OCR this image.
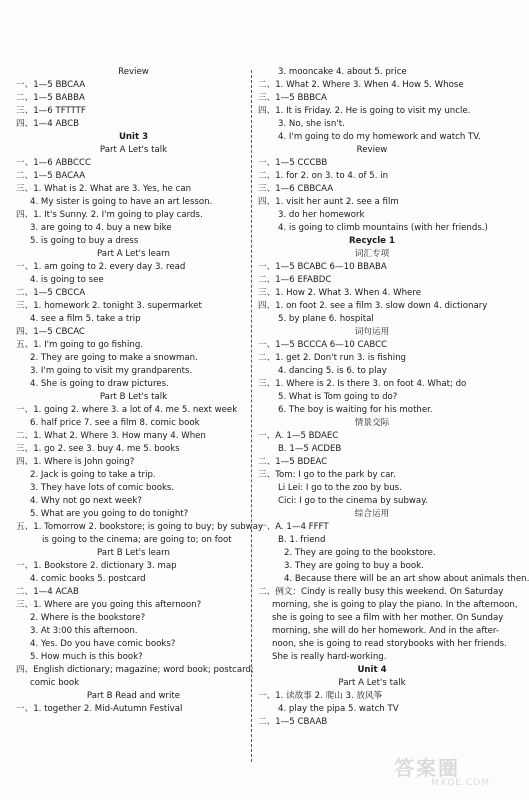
Review
一、1—5 BBCAA
二、1—5 BABBA
三、1—6 TFTTTF
四、1—4 ABCB
Unit 3
Part A Let's talk
一、1—6 ABBCCC
二、1—5 BACAA
三、1. What is 2. What are 3. Yes, he can
4. My sister is going to have an art lesson.
四、1. It's Sunny. 2. I'm going to play cards.
3. are going to 4. buy a new bike
5. is going to buy a dress
Part A Let's learn
一、1. am going to 2. every day 3. read
4. is going to see
二、1—5 CBCCA
三、1. homework 2. tonight 3. supermarket
4. see a film 5. take a trip
四、1—5 CBCAC
五、1. I'm going to go fishing.
2. They are going to make a snowman.
3. I'm going to visit my grandparents.
4. She is going to draw pictures.
Part B Let's talk
一、1. going 2. where 3. a lot of 4. me 5. next week
6. half price 7. see a film 8. comic book
二、1. What 2. Where 3. How many 4. When
三、1. go 2. see 3. buy 4. me 5. books
四、1. Where is John going?
2. Jack is going to take a trip.
3. They have lots of comic books.
4. Why not go next week?
5. What are you going to do tonight?
五、1. Tomorrow 2. bookstore; is going to buy; by subway
is going to the cinema; are going to; on foot
Part B Let's learn
一、1. Bookstore 2. dictionary 3. map
4. comic books 5. postcard
二、1—4 ACAB
三、1. Where are you going this afternoon?
2. Where is the bookstore?
3. At 3:00 this afternoon.
4. Yes. Do you have comic books?
5. How much is this book?
四、English dictionary; magazine; word book; postcard;
comic book
Part B Read and write
一、1. together 2. Mid-Autumn Festival
3. mooncake 4. about 5. price
二、1. What 2. Where 3. When 4. How 5. Whose
三、1—5 BBBCA
四、1. It is Friday. 2. He is going to visit my uncle.
3. No, she isn't.
4. I'm going to do my homework and watch TV.
Review
一、1—5 CCCBB
二、1. for 2. on 3. to 4. of 5. in
三、1—6 CBBCAA
四、1. visit her aunt 2. see a film
3. do her homework
4. is going to climb mountains (with her friends.)
Recycle 1
词汇专项
一、1—5 BCABC 6—10 BBABA
二、1—6 EFABDC
三、1. How 2. What 3. When 4. Where
四、1. on foot 2. see a film 3. slow down 4. dictionary
5. by plane 6. hospital
词句运用
一、1—5 BCCCA 6—10 CABCC
二、1. get 2. Don't run 3. is fishing
4. dancing 5. is 6. to play
三、1. Where is 2. Is there 3. on foot 4. What; do
5. What is Tom going to do?
6. The boy is waiting for his mother.
情景交际
一、A. 1—5 BDAEC
B. 1—5 ACDEB
二、1—5 BDEAC
三、Tom: I go to the park by car.
Li Lei: I go to the zoo by bus.
Cici: I go to the cinema by subway.
综合运用
一、A. 1—4 FFFT
B. 1. friend
2. They are going to the bookstore.
3. They are going to buy a book.
4. Because there will be an art show about animals then.
二、例文：Cindy is really busy this weekend. On Saturday
morning, she is going to play the piano. In the afternoon,
she is going to see a film with her mother. On Sunday
morning, she will do her homework. And in the after-
noon, she is going to read storybooks with her friends.
She is really hard-working.
Unit 4
Part A Let's talk
一、1. 读故事 2. 爬山 3. 放风筝
4. play the pipa 5. watch TV
二、1—5 CBAAB
答案圈
MXQE.COM
